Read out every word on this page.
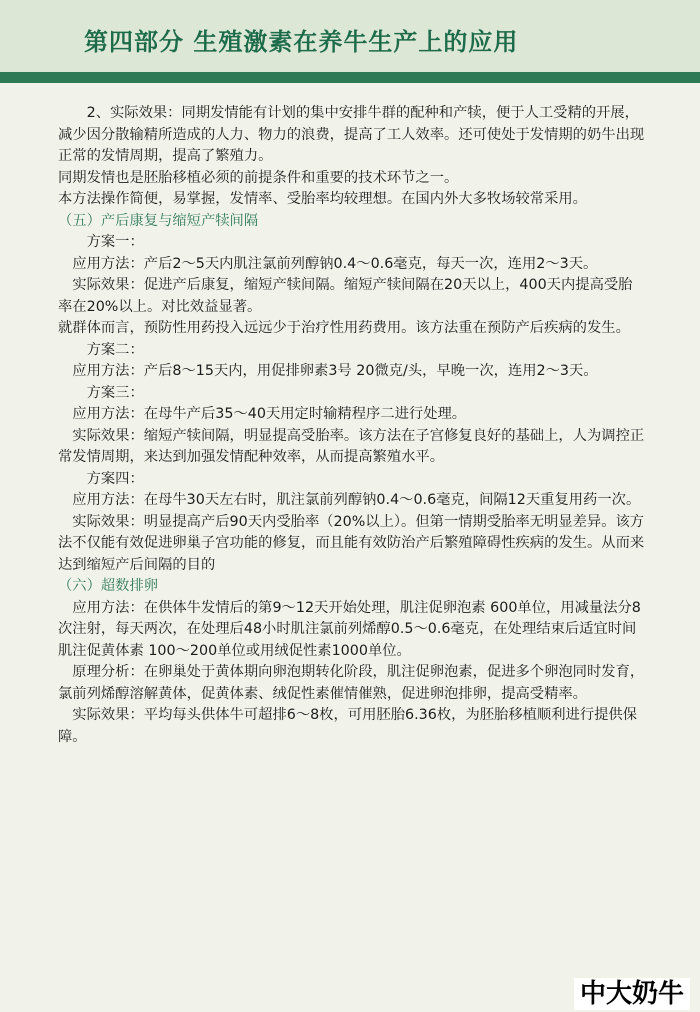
第四部分 生殖激素在养牛生产上的应用

2、实际效果：同期发情能有计划的集中安排牛群的配种和产犊，便于人工受精的开展，减少因分散输精所造成的人力、物力的浪费，提高了工人效率。还可使处于发情期的奶牛出现正常的发情周期，提高了繁殖力。

同期发情也是胚胎移植必须的前提条件和重要的技术环节之一。

本方法操作简便，易掌握，发情率、受胎率均较理想。在国内外大多牧场较常采用。

（五）产后康复与缩短产犊间隔

方案一：

应用方法：产后2～5天内肌注氯前列醇钠0.4～0.6毫克，每天一次，连用2～3天。

实际效果：促进产后康复，缩短产犊间隔。缩短产犊间隔在20天以上，400天内提高受胎率在20%以上。对比效益显著。

就群体而言，预防性用药投入远远少于治疗性用药费用。该方法重在预防产后疾病的发生。

方案二：

应用方法：产后8～15天内，用促排卵素3号 20微克/头，早晚一次，连用2～3天。

方案三：

应用方法：在母牛产后35～40天用定时输精程序二进行处理。

实际效果：缩短产犊间隔，明显提高受胎率。该方法在子宫修复良好的基础上，人为调控正常发情周期，来达到加强发情配种效率，从而提高繁殖水平。

方案四：

应用方法：在母牛30天左右时，肌注氯前列醇钠0.4～0.6毫克，间隔12天重复用药一次。

实际效果：明显提高产后90天内受胎率（20%以上）。但第一情期受胎率无明显差异。该方法不仅能有效促进卵巢子宫功能的修复，而且能有效防治产后繁殖障碍性疾病的发生。从而来达到缩短产后间隔的目的

（六）超数排卵

应用方法：在供体牛发情后的第9～12天开始处理，肌注促卵泡素 600单位，用减量法分8次注射，每天两次，在处理后48小时肌注氯前列烯醇0.5～0.6毫克，在处理结束后适宜时间肌注促黄体素 100～200单位或用绒促性素1000单位。

原理分析：在卵巢处于黄体期向卵泡期转化阶段，肌注促卵泡素，促进多个卵泡同时发育，氯前列烯醇溶解黄体，促黄体素、绒促性素催情催熟，促进卵泡排卵，提高受精率。

实际效果：平均每头供体牛可超排6～8枚，可用胚胎6.36枚，为胚胎移植顺利进行提供保障。

中大奶牛
